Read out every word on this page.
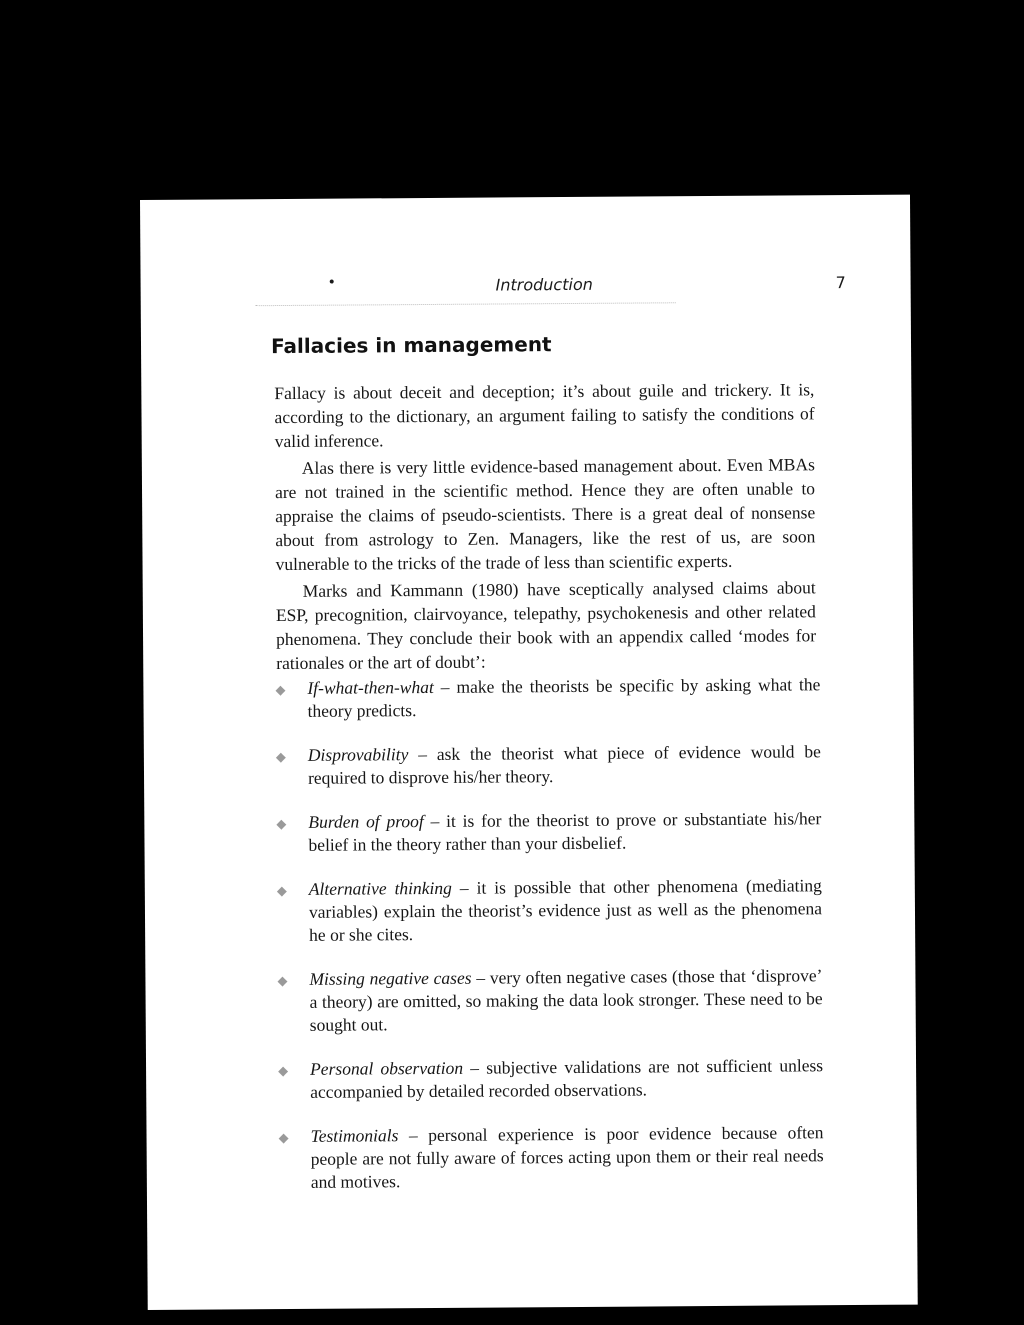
•	Introduction	7
Fallacies in management

Fallacy is about deceit and deception; it’s about guile and trickery. It is, according to the dictionary, an argument failing to satisfy the conditions of valid inference.

Alas there is very little evidence-based management about. Even MBAs are not trained in the scientific method. Hence they are often unable to appraise the claims of pseudo-scientists. There is a great deal of nonsense about from astrology to Zen. Managers, like the rest of us, are soon vulnerable to the tricks of the trade of less than scientific experts.

Marks and Kammann (1980) have sceptically analysed claims about ESP, precognition, clairvoyance, telepathy, psychokenesis and other related phenomena. They conclude their book with an appendix called ‘modes for rationales or the art of doubt’:

◆ If-what-then-what – make the theorists be specific by asking what the theory predicts.
◆ Disprovability – ask the theorist what piece of evidence would be required to disprove his/her theory.
◆ Burden of proof – it is for the theorist to prove or substantiate his/her belief in the theory rather than your disbelief.
◆ Alternative thinking – it is possible that other phenomena (mediating variables) explain the theorist’s evidence just as well as the phenomena he or she cites.
◆ Missing negative cases – very often negative cases (those that ‘disprove’ a theory) are omitted, so making the data look stronger. These need to be sought out.
◆ Personal observation – subjective validations are not sufficient unless accompanied by detailed recorded observations.
◆ Testimonials – personal experience is poor evidence because often people are not fully aware of forces acting upon them or their real needs and motives.
